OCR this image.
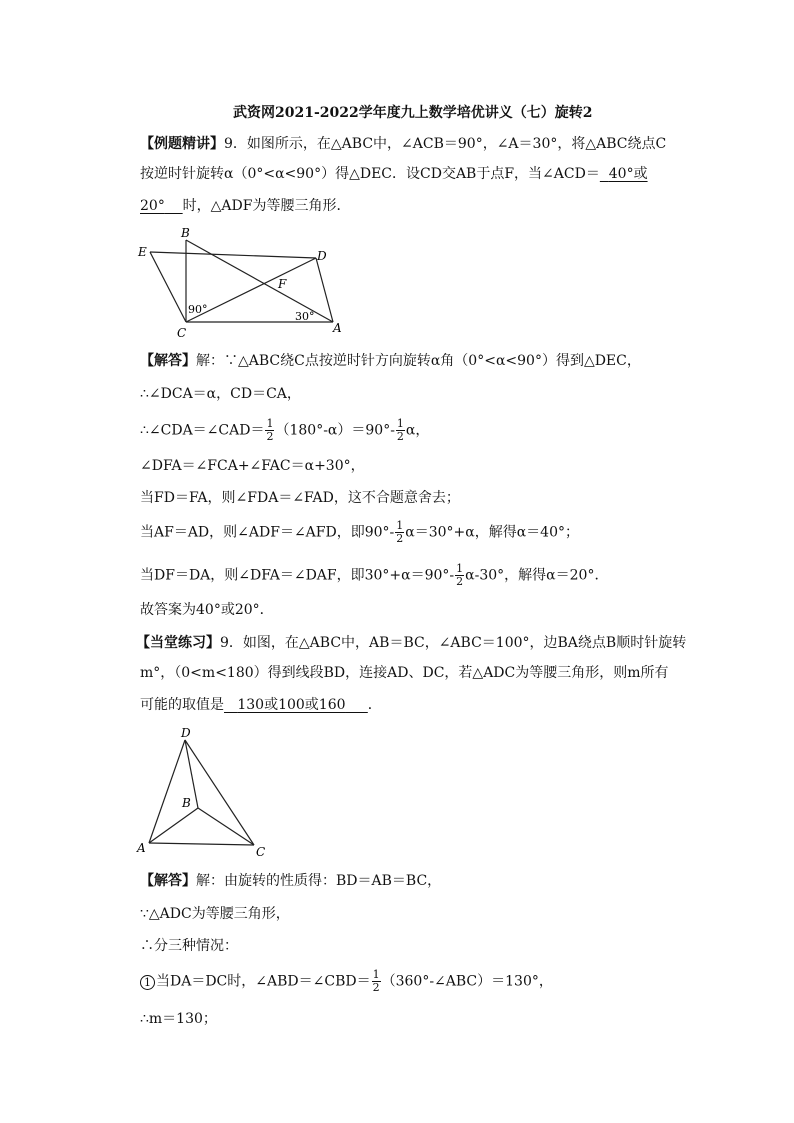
武资网2021-2022学年度九上数学培优讲义（七）旋转2
【例题精讲】9．如图所示，在△ABC中，∠ACB＝90°，∠A＝30°，将△ABC绕点C
按逆时针旋转α（0°<α<90°）得△DEC．设CD交AB于点F，当∠ACD＝ 40°或
20° 时，△ADF为等腰三角形．
B
E	D
F
C	A
90°
30°
【解答】解：∵△ABC绕C点按逆时针方向旋转α角（0°<α<90°）得到△DEC，
∴∠DCA＝α，CD＝CA，
∴∠CDA＝∠CAD＝ $\frac{1}{2} (180^\circ-\alpha)=90^\circ- \frac{1}{2}$ α，
∠DFA＝∠FCA+∠FAC＝α+30°，
当FD＝FA，则∠FDA＝∠FAD，这不合题意舍去；
当AF＝AD，则∠ADF＝∠AFD，即$90^\circ- \frac{1}{2} \alpha=30^\circ+\alpha$，解得α＝40°；
当DF＝DA，则∠DFA＝∠DAF，即$30^\circ+\alpha=90^\circ- \frac{1}{2} \alpha-30^\circ$，解得α＝20°．
故答案为40°或20°．
【当堂练习】9．如图，在△ABC中，AB＝BC，∠ABC＝100°，边BA绕点B顺时针旋转
m°，（0<m<180）得到线段BD，连接AD、DC，若△ADC为等腰三角形，则m所有
可能的取值是 130或100或160 ．
D
B
A	C
【解答】解：由旋转的性质得：BD＝AB＝BC，
∵△ADC为等腰三角形，
∴分三种情况：
1 当DA＝DC时，∠ABD＝∠CBD＝ $\frac{1}{2}$ （360°-∠ABC）＝130°，
∴m＝130；
